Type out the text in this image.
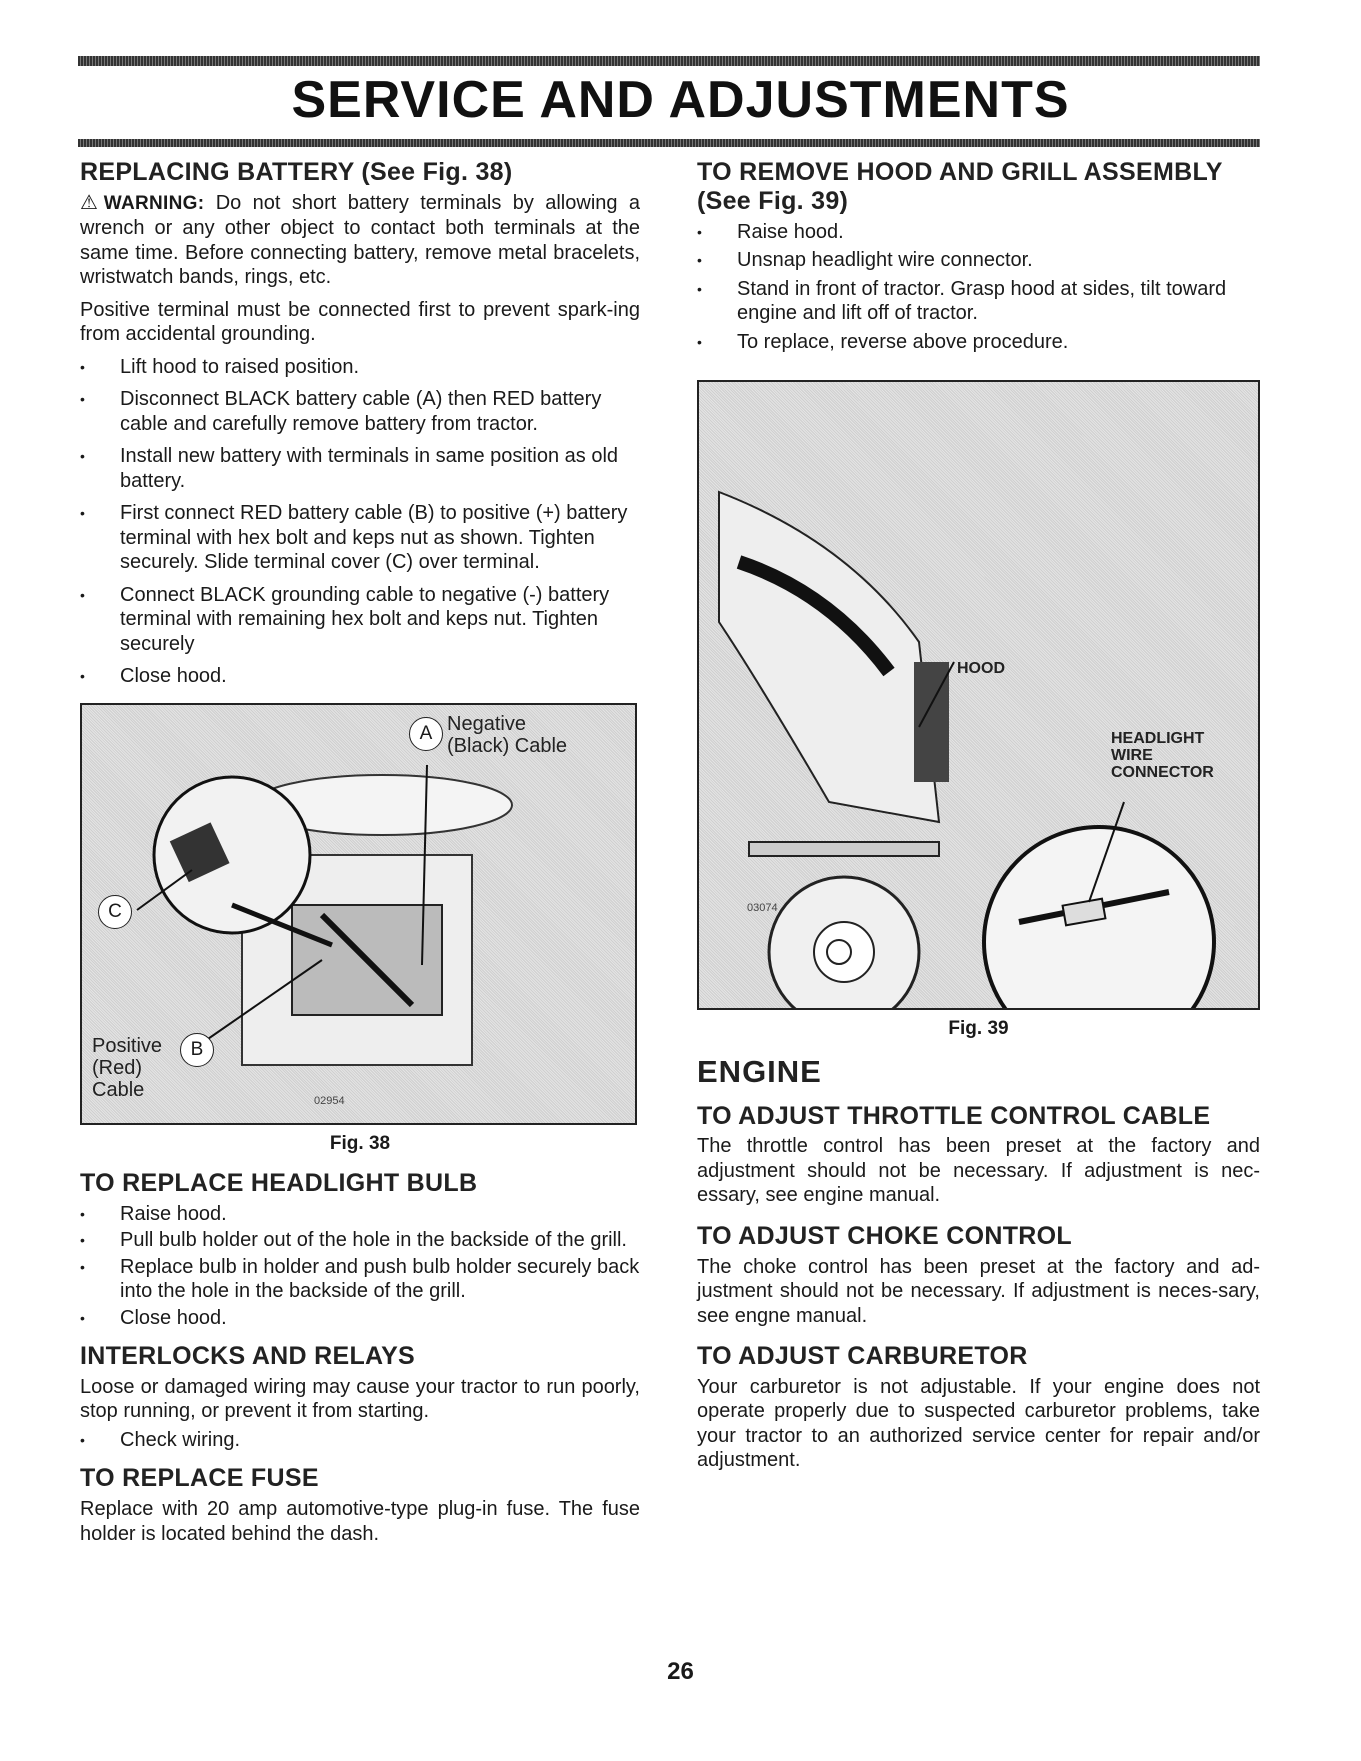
SERVICE AND ADJUSTMENTS
REPLACING BATTERY (See Fig. 38)

⚠WARNING: Do not short battery terminals by allowing a wrench or any other object to contact both terminals at the same time. Before connecting battery, remove metal bracelets, wristwatch bands, rings, etc.

Positive terminal must be connected first to prevent spark-ing from accidental grounding.

• Lift hood to raised position.
• Disconnect BLACK battery cable (A) then RED battery cable and carefully remove battery from tractor.
• Install new battery with terminals in same position as old battery.
• First connect RED battery cable (B) to positive (+) battery terminal with hex bolt and keps nut as shown. Tighten securely. Slide terminal cover (C) over terminal.
• Connect BLACK grounding cable to negative (-) battery terminal with remaining hex bolt and keps nut. Tighten securely
• Close hood.
A Negative
(Black) Cable
B
Positive
(Red)
Cable
C
02954
Fig. 38
TO REPLACE HEADLIGHT BULB
• Raise hood.
• Pull bulb holder out of the hole in the backside of the grill.
• Replace bulb in holder and push bulb holder securely back into the hole in the backside of the grill.
• Close hood.
INTERLOCKS AND RELAYS

Loose or damaged wiring may cause your tractor to run poorly, stop running, or prevent it from starting.

• Check wiring.
TO REPLACE FUSE

Replace with 20 amp automotive-type plug-in fuse. The fuse holder is located behind the dash.

TO REMOVE HOOD AND GRILL ASSEMBLY (See Fig. 39)
• Raise hood.
• Unsnap headlight wire connector.
• Stand in front of tractor. Grasp hood at sides, tilt toward engine and lift off of tractor.
• To replace, reverse above procedure.
HOOD
HEADLIGHT
WIRE
CONNECTOR
03074
Fig. 39
ENGINE
TO ADJUST THROTTLE CONTROL CABLE

The throttle control has been preset at the factory and adjustment should not be necessary. If adjustment is nec-essary, see engine manual.

TO ADJUST CHOKE CONTROL

The choke control has been preset at the factory and ad-justment should not be necessary. If adjustment is neces-sary, see engne manual.

TO ADJUST CARBURETOR

Your carburetor is not adjustable. If your engine does not operate properly due to suspected carburetor problems, take your tractor to an authorized service center for repair and/or adjustment.

26
